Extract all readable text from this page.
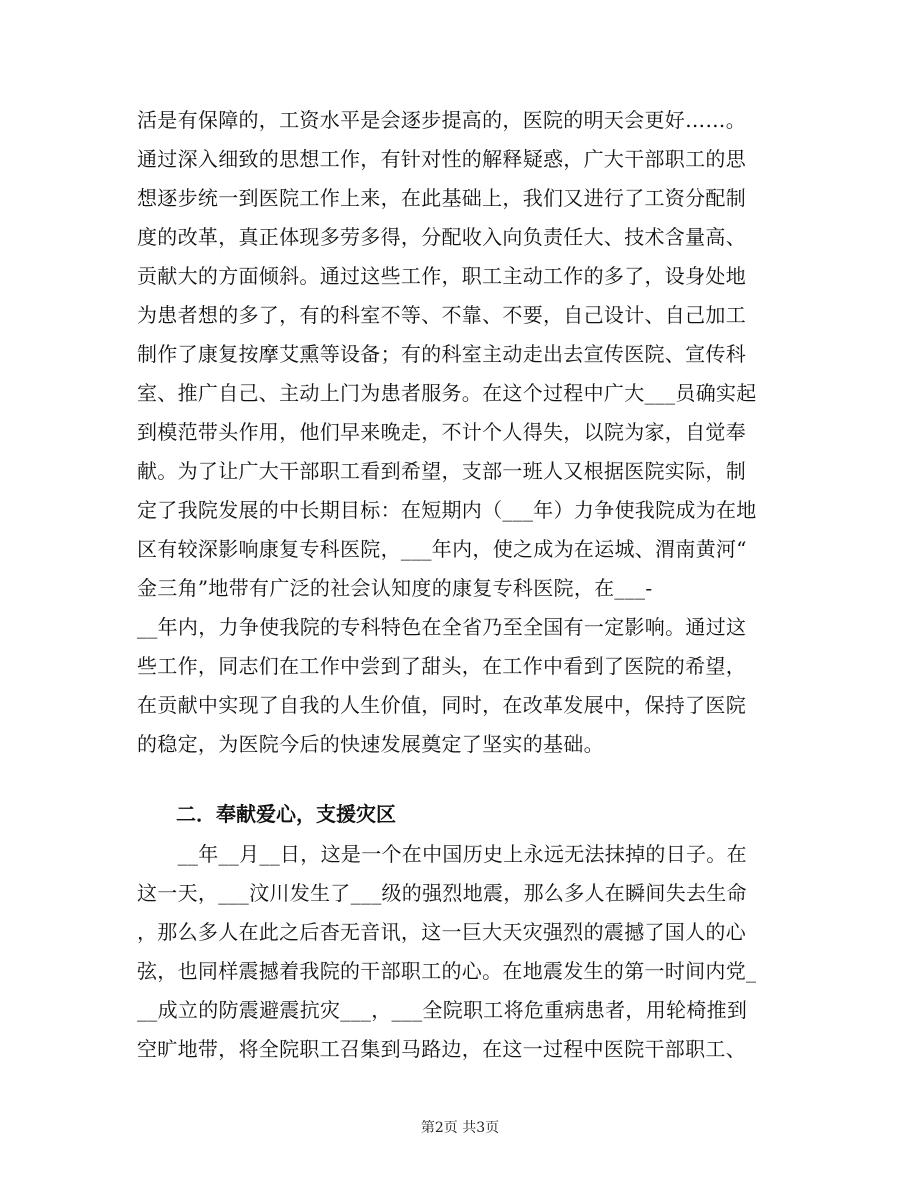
活是有保障的，工资水平是会逐步提高的，医院的明天会更好……。
通过深入细致的思想工作，有针对性的解释疑惑，广大干部职工的思
想逐步统一到医院工作上来，在此基础上，我们又进行了工资分配制
度的改革，真正体现多劳多得，分配收入向负责任大、技术含量高、
贡献大的方面倾斜。通过这些工作，职工主动工作的多了，设身处地
为患者想的多了，有的科室不等、不靠、不要，自己设计、自己加工
制作了康复按摩艾熏等设备；有的科室主动走出去宣传医院、宣传科
室、推广自己、主动上门为患者服务。在这个过程中广大___员确实起
到模范带头作用，他们早来晚走，不计个人得失，以院为家，自觉奉
献。为了让广大干部职工看到希望，支部一班人又根据医院实际，制
定了我院发展的中长期目标：在短期内（___年）力争使我院成为在地
区有较深影响康复专科医院，___年内，使之成为在运城、渭南黄河“
金三角”地带有广泛的社会认知度的康复专科医院，在___-
__年内，力争使我院的专科特色在全省乃至全国有一定影响。通过这
些工作，同志们在工作中尝到了甜头，在工作中看到了医院的希望，
在贡献中实现了自我的人生价值，同时，在改革发展中，保持了医院
的稳定，为医院今后的快速发展奠定了坚实的基础。
二．奉献爱心，支援灾区
　　__年__月__日，这是一个在中国历史上永远无法抹掉的日子。在
这一天，___汶川发生了___级的强烈地震，那么多人在瞬间失去生命
，那么多人在此之后杳无音讯，这一巨大天灾强烈的震撼了国人的心
弦，也同样震撼着我院的干部职工的心。在地震发生的第一时间内党_
__成立的防震避震抗灾___，___全院职工将危重病患者，用轮椅推到
空旷地带，将全院职工召集到马路边，在这一过程中医院干部职工、
第2页 共3页
